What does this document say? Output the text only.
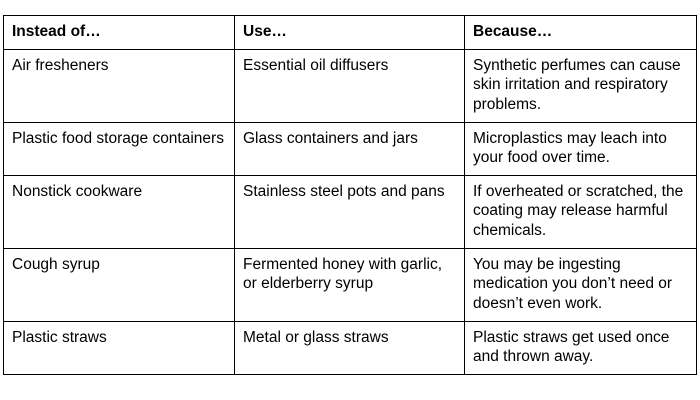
Instead of…	Use…	Because…
Air fresheners	Essential oil diffusers	Synthetic perfumes can cause skin irritation and respiratory problems.
Plastic food storage containers	Glass containers and jars	Microplastics may leach into your food over time.
Nonstick cookware	Stainless steel pots and pans	If overheated or scratched, the coating may release harmful chemicals.
Cough syrup	Fermented honey with garlic, or elderberry syrup	You may be ingesting medication you don’t need or doesn’t even work.
Plastic straws	Metal or glass straws	Plastic straws get used once and thrown away.
